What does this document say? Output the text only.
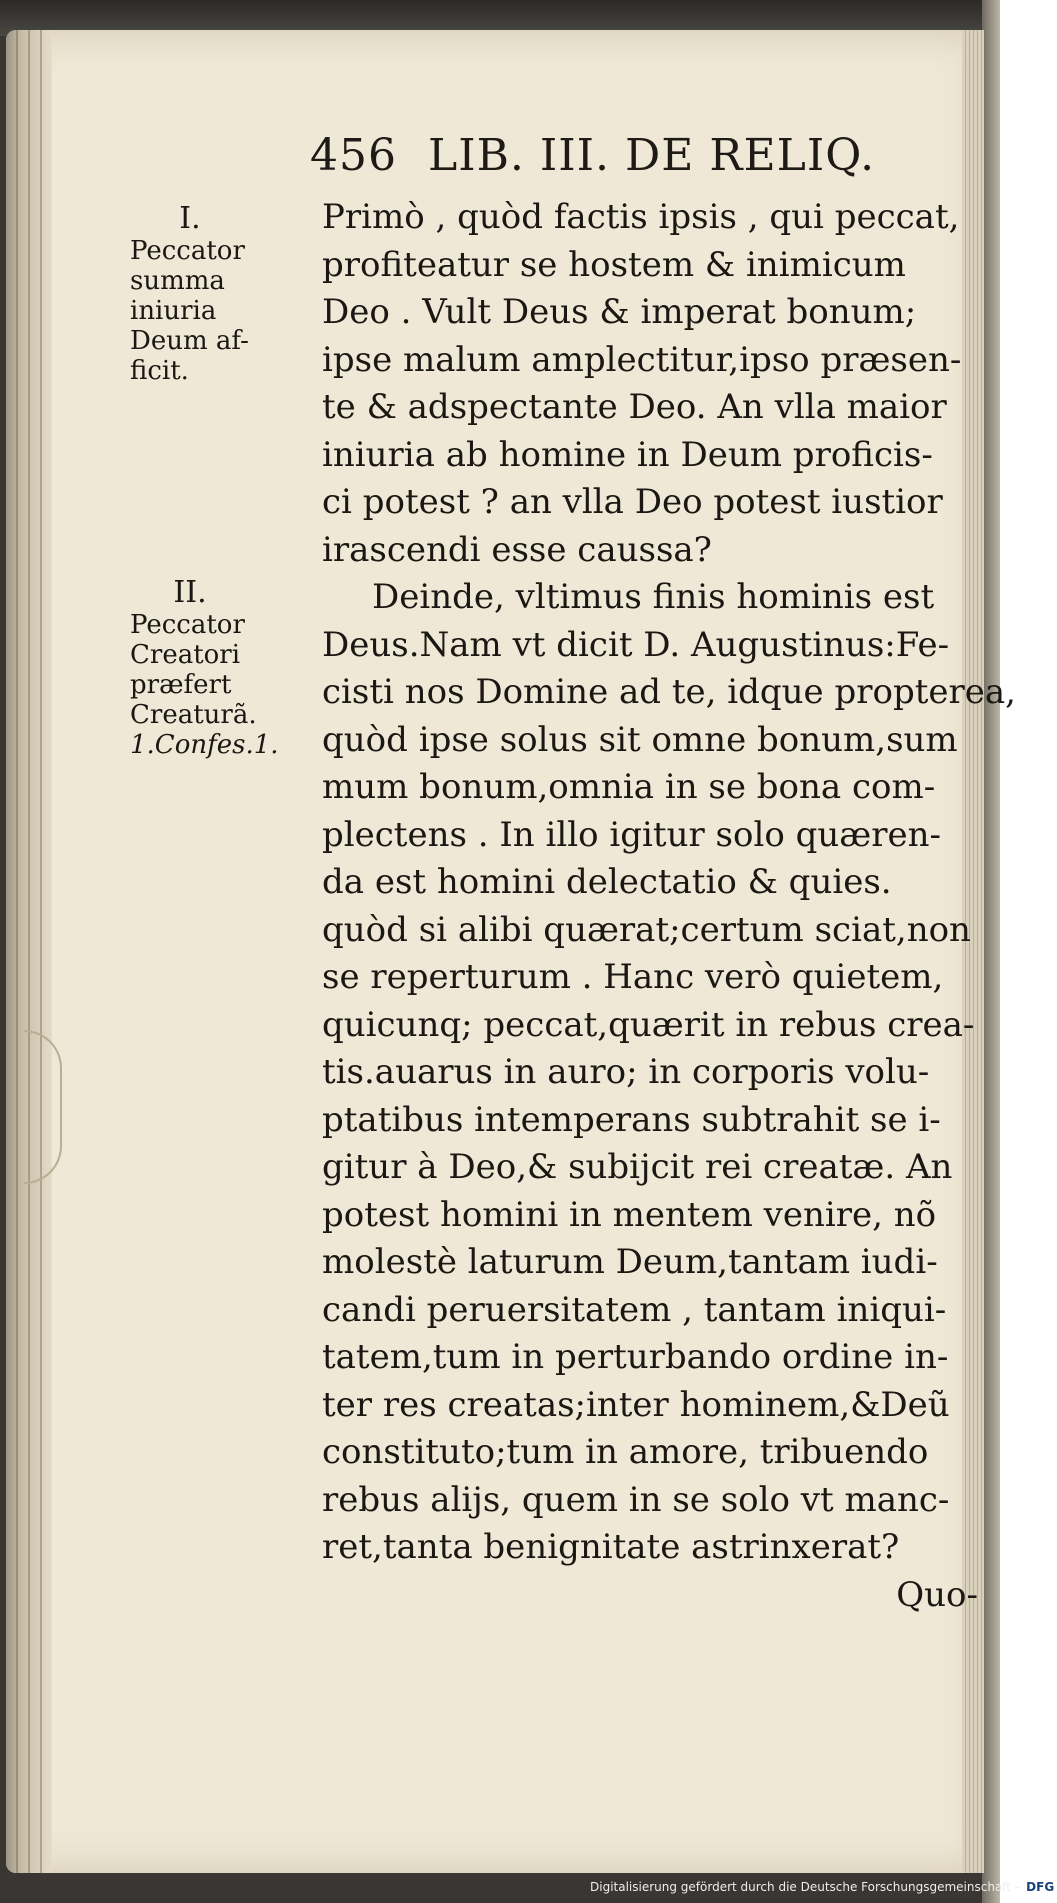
456 LIB. III. DE RELIQ.
I.
Peccator
summa
iniuria
Deum af-
ficit.
II.
Peccator
Creatori
præfert
Creaturã.
1.Confes.1.
Primò , quòd factis ipsis , qui peccat,
profiteatur se hostem & inimicum
Deo . Vult Deus & imperat bonum;
ipse malum amplectitur,ipso præsen-
te & adspectante Deo. An vlla maior
iniuria ab homine in Deum proficis-
ci potest ? an vlla Deo potest iustior
irascendi esse caussa?
Deinde, vltimus finis hominis est
Deus.Nam vt dicit D. Augustinus:Fe-
cisti nos Domine ad te, idque propterea,
quòd ipse solus sit omne bonum,sum
mum bonum,omnia in se bona com-
plectens . In illo igitur solo quæren-
da est homini delectatio & quies.
quòd si alibi quærat;certum sciat,non
se reperturum . Hanc verò quietem,
quicunq; peccat,quærit in rebus crea-
tis.auarus in auro; in corporis volu-
ptatibus intemperans subtrahit se i-
gitur à Deo,& subijcit rei creatæ. An
potest homini in mentem venire, nõ
molestè laturum Deum,tantam iudi-
candi peruersitatem , tantam iniqui-
tatem,tum in perturbando ordine in-
ter res creatas;inter hominem,&Deũ
constituto;tum in amore, tribuendo
rebus alijs, quem in se solo vt manc-
ret,tanta benignitate astrinxerat?
Quo-
Digitalisierung gefördert durch die Deutsche Forschungsgemeinschaft - DFG
